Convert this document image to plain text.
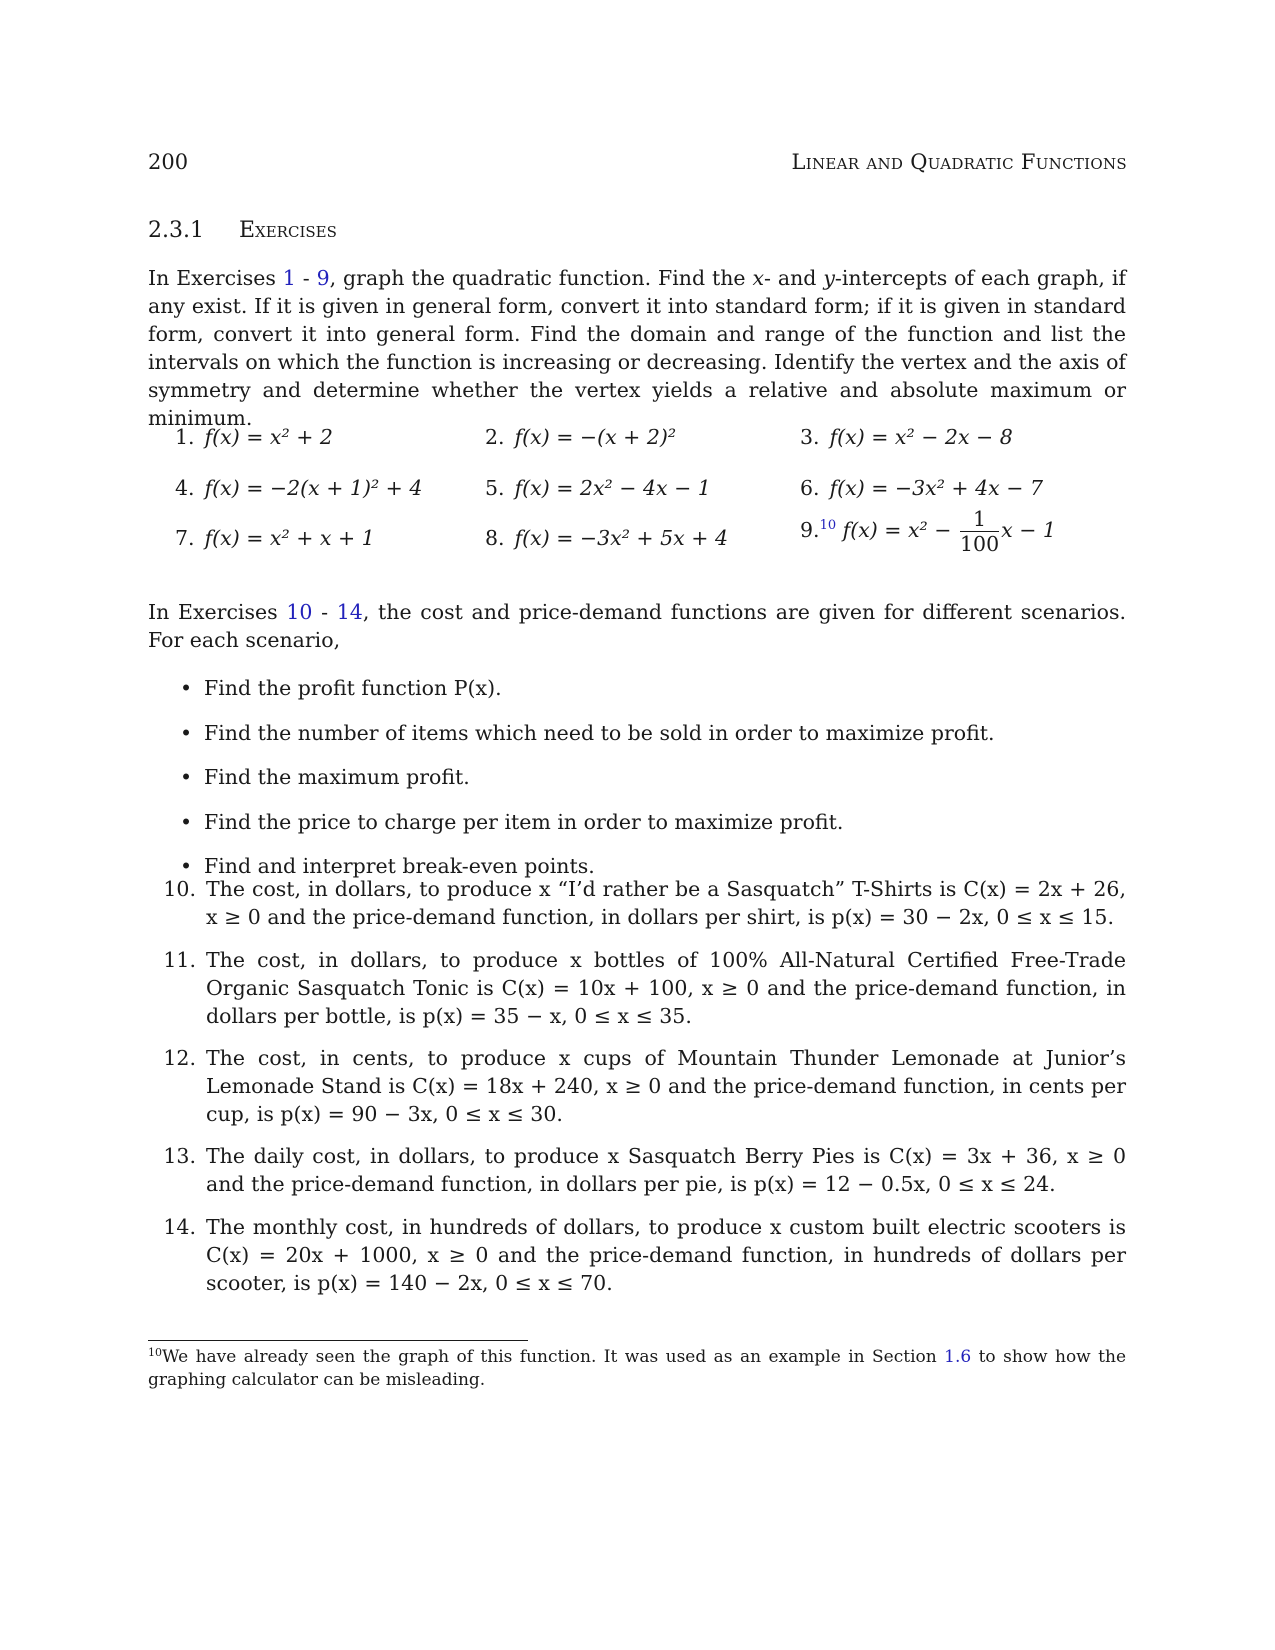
200	Linear and Quadratic Functions
2.3.1 Exercises
In Exercises 1 - 9, graph the quadratic function. Find the x- and y-intercepts of each graph, if any exist. If it is given in general form, convert it into standard form; if it is given in standard form, convert it into general form. Find the domain and range of the function and list the intervals on which the function is increasing or decreasing. Identify the vertex and the axis of symmetry and determine whether the vertex yields a relative and absolute maximum or minimum.
1. f(x) = x² + 2	2. f(x) = −(x + 2)²	3. f(x) = x² − 2x − 8
4. f(x) = −2(x + 1)² + 4	5. f(x) = 2x² − 4x − 1	6. f(x) = −3x² + 4x − 7
7. f(x) = x² + x + 1	8. f(x) = −3x² + 5x + 4	9.10 $f(x) = x^2 - \frac{1}{100}$ x − 1
In Exercises 10 - 14, the cost and price-demand functions are given for different scenarios. For each scenario,
• Find the profit function P(x).
• Find the number of items which need to be sold in order to maximize profit.
• Find the maximum profit.
• Find the price to charge per item in order to maximize profit.
• Find and interpret break-even points.
10. The cost, in dollars, to produce x “I’d rather be a Sasquatch” T-Shirts is C(x) = 2x + 26, x ≥ 0 and the price-demand function, in dollars per shirt, is p(x) = 30 − 2x, 0 ≤ x ≤ 15.
11. The cost, in dollars, to produce x bottles of 100% All-Natural Certified Free-Trade Organic Sasquatch Tonic is C(x) = 10x + 100, x ≥ 0 and the price-demand function, in dollars per bottle, is p(x) = 35 − x, 0 ≤ x ≤ 35.
12. The cost, in cents, to produce x cups of Mountain Thunder Lemonade at Junior’s Lemonade Stand is C(x) = 18x + 240, x ≥ 0 and the price-demand function, in cents per cup, is p(x) = 90 − 3x, 0 ≤ x ≤ 30.
13. The daily cost, in dollars, to produce x Sasquatch Berry Pies is C(x) = 3x + 36, x ≥ 0 and the price-demand function, in dollars per pie, is p(x) = 12 − 0.5x, 0 ≤ x ≤ 24.
14. The monthly cost, in hundreds of dollars, to produce x custom built electric scooters is C(x) = 20x + 1000, x ≥ 0 and the price-demand function, in hundreds of dollars per scooter, is p(x) = 140 − 2x, 0 ≤ x ≤ 70.
$^{10}$We have already seen the graph of this function. It was used as an example in Section 1.6 to show how the graphing calculator can be misleading.
